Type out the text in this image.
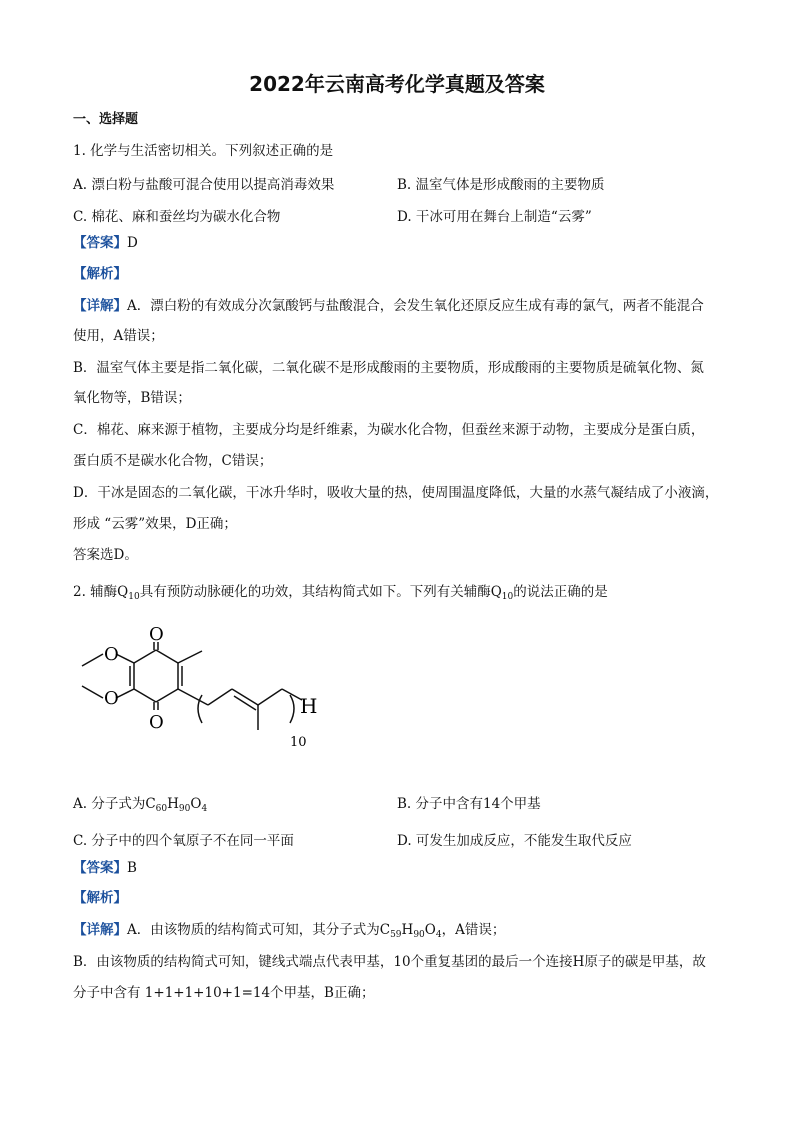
2022年云南高考化学真题及答案
一、选择题
1. 化学与生活密切相关。下列叙述正确的是
A. 漂白粉与盐酸可混合使用以提高消毒效果	B. 温室气体是形成酸雨的主要物质
C. 棉花、麻和蚕丝均为碳水化合物	D. 干冰可用在舞台上制造“云雾”
【答案】D
【解析】
【详解】A．漂白粉的有效成分次氯酸钙与盐酸混合，会发生氧化还原反应生成有毒的氯气，两者不能混合
使用，A错误；
B．温室气体主要是指二氧化碳，二氧化碳不是形成酸雨的主要物质，形成酸雨的主要物质是硫氧化物、氮
氧化物等，B错误；
C．棉花、麻来源于植物，主要成分均是纤维素，为碳水化合物，但蚕丝来源于动物，主要成分是蛋白质，
蛋白质不是碳水化合物，C错误；
D．干冰是固态的二氧化碳，干冰升华时，吸收大量的热，使周围温度降低，大量的水蒸气凝结成了小液滴，
形成 “云雾”效果，D正确；
答案选D。
2. 辅酶$Q_{10}$具有预防动脉硬化的功效，其结构简式如下。下列有关辅酶$Q_{10}$的说法正确的是
O
O
O
O	H
10
A. 分子式为$C_{60}H_{90}O_4$	B. 分子中含有14个甲基
C. 分子中的四个氧原子不在同一平面	D. 可发生加成反应，不能发生取代反应
【答案】B
【解析】
【详解】A．由该物质的结构简式可知，其分子式为$C_{59}H_{90}O_4$，A错误；
B．由该物质的结构简式可知，键线式端点代表甲基，10个重复基团的最后一个连接H原子的碳是甲基，故
分子中含有 1+1+1+10+1=14个甲基，B正确；
